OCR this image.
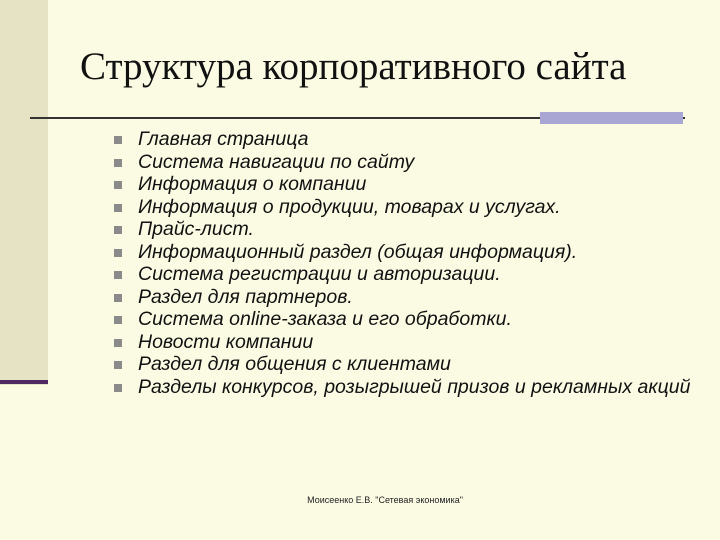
Структура корпоративного сайта
Главная страница
Система навигации по сайту
Информация о компании
Информация о продукции, товарах и услугах.
Прайс-лист.
Информационный раздел (общая информация).
Система регистрации и авторизации.
Раздел для партнеров.
Система online-заказа и его обработки.
Новости компании
Раздел для общения с клиентами
Разделы конкурсов, розыгрышей призов и рекламных акций
Моисеенко Е.В. "Сетевая экономика"
